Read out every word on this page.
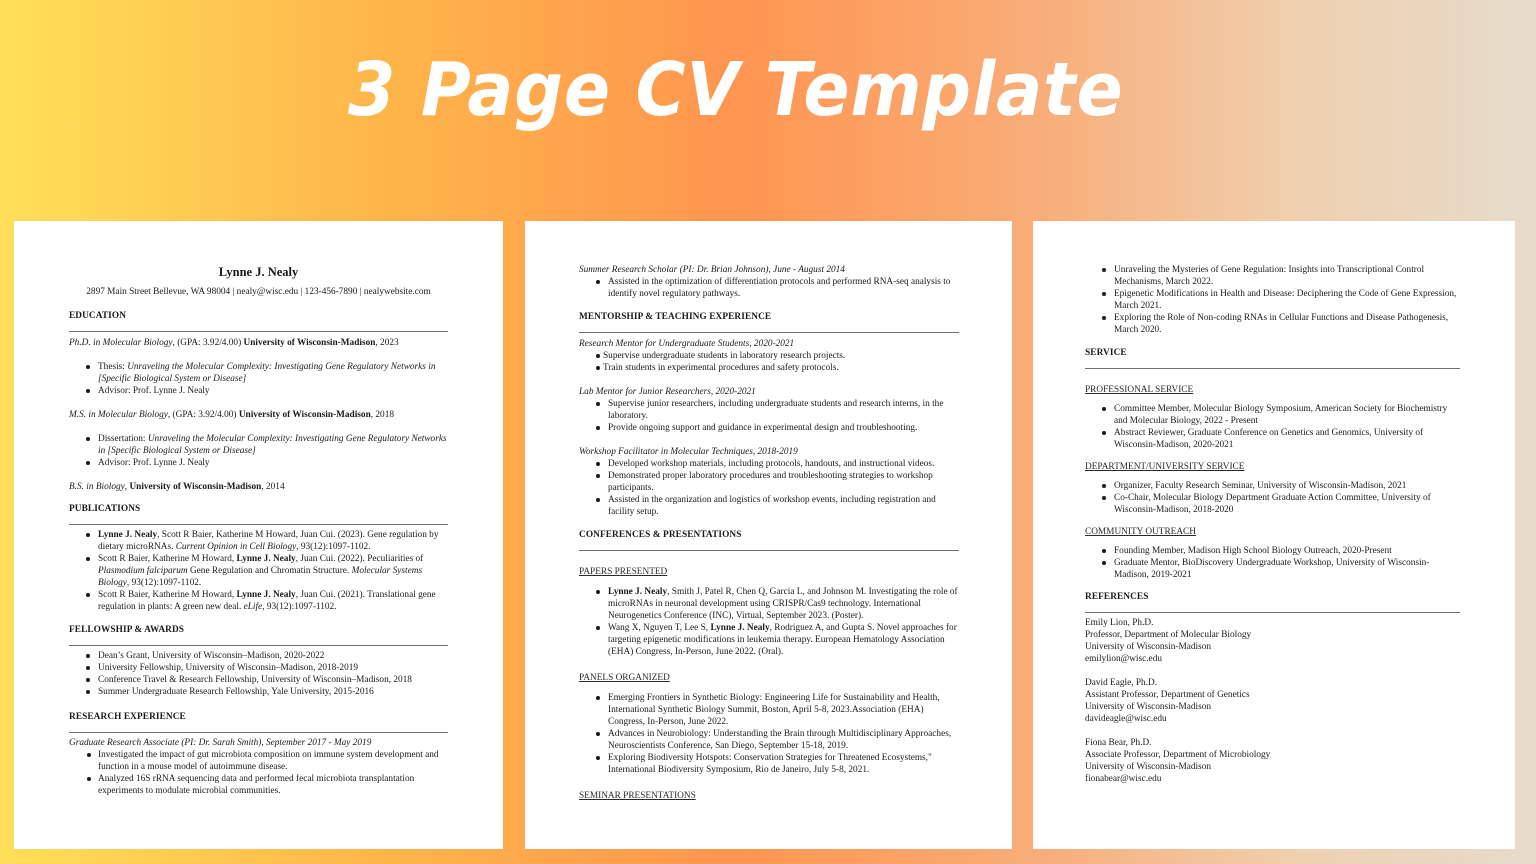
3 Page CV Template
Lynne J. Nealy
2897 Main Street Bellevue, WA 98004 | nealy@wisc.edu | 123-456-7890 | nealywebsite.com
EDUCATION
Ph.D. in Molecular Biology, (GPA: 3.92/4.00) University of Wisconsin-Madison, 2023
Thesis: Unraveling the Molecular Complexity: Investigating Gene Regulatory Networks in [Specific Biological System or Disease]
Advisor: Prof. Lynne J. Nealy
M.S. in Molecular Biology, (GPA: 3.92/4.00) University of Wisconsin-Madison, 2018
Dissertation: Unraveling the Molecular Complexity: Investigating Gene Regulatory Networks in [Specific Biological System or Disease]
Advisor: Prof. Lynne J. Nealy
B.S. in Biology, University of Wisconsin-Madison, 2014
PUBLICATIONS
Lynne J. Nealy, Scott R Baier, Katherine M Howard, Juan Cui. (2023). Gene regulation by dietary microRNAs. Current Opinion in Cell Biology, 93(12):1097-1102.
Scott R Baier, Katherine M Howard, Lynne J. Nealy, Juan Cui. (2022). Peculiarities of Plasmodium falciparum Gene Regulation and Chromatin Structure. Molecular Systems Biology, 93(12):1097-1102.
Scott R Baier, Katherine M Howard, Lynne J. Nealy, Juan Cui. (2021). Translational gene regulation in plants: A green new deal. eLife, 93(12):1097-1102.
FELLOWSHIP & AWARDS
Dean’s Grant, University of Wisconsin–Madison, 2020-2022
University Fellowship, University of Wisconsin–Madison, 2018-2019
Conference Travel & Research Fellowship, University of Wisconsin–Madison, 2018
Summer Undergraduate Research Fellowship, Yale University, 2015-2016
RESEARCH EXPERIENCE
Graduate Research Associate (PI: Dr. Sarah Smith), September 2017 - May 2019
Investigated the impact of gut microbiota composition on immune system development and function in a mouse model of autoimmune disease.
Analyzed 16S rRNA sequencing data and performed fecal microbiota transplantation experiments to modulate microbial communities.
Summer Research Scholar (PI: Dr. Brian Johnson), June - August 2014
Assisted in the optimization of differentiation protocols and performed RNA-seq analysis to identify novel regulatory pathways.
MENTORSHIP & TEACHING EXPERIENCE
Research Mentor for Undergraduate Students, 2020-2021
Supervise undergraduate students in laboratory research projects.
Train students in experimental procedures and safety protocols.
Lab Mentor for Junior Researchers, 2020-2021
Supervise junior researchers, including undergraduate students and research interns, in the laboratory.
Provide ongoing support and guidance in experimental design and troubleshooting.
Workshop Facilitator in Molecular Techniques, 2018-2019
Developed workshop materials, including protocols, handouts, and instructional videos.
Demonstrated proper laboratory procedures and troubleshooting strategies to workshop participants.
Assisted in the organization and logistics of workshop events, including registration and facility setup.
CONFERENCES & PRESENTATIONS
PAPERS PRESENTED
Lynne J. Nealy, Smith J, Patel R, Chen Q, Garcia L, and Johnson M. Investigating the role of microRNAs in neuronal development using CRISPR/Cas9 technology. International Neurogenetics Conference (INC), Virtual, September 2023. (Poster).
Wang X, Nguyen T, Lee S, Lynne J. Nealy, Rodriguez A, and Gupta S. Novel approaches for targeting epigenetic modifications in leukemia therapy. European Hematology Association (EHA) Congress, In-Person, June 2022. (Oral).
PANELS ORGANIZED
Emerging Frontiers in Synthetic Biology: Engineering Life for Sustainability and Health, International Synthetic Biology Summit, Boston, April 5-8, 2023.Association (EHA) Congress, In-Person, June 2022.
Advances in Neurobiology: Understanding the Brain through Multidisciplinary Approaches, Neuroscientists Conference, San Diego, September 15-18, 2019.
Exploring Biodiversity Hotspots: Conservation Strategies for Threatened Ecosystems," International Biodiversity Symposium, Rio de Janeiro, July 5-8, 2021.
SEMINAR PRESENTATIONS
Unraveling the Mysteries of Gene Regulation: Insights into Transcriptional Control Mechanisms, March 2022.
Epigenetic Modifications in Health and Disease: Deciphering the Code of Gene Expression, March 2021.
Exploring the Role of Non-coding RNAs in Cellular Functions and Disease Pathogenesis, March 2020.
SERVICE
PROFESSIONAL SERVICE
Committee Member, Molecular Biology Symposium, American Society for Biochemistry and Molecular Biology, 2022 - Present
Abstract Reviewer, Graduate Conference on Genetics and Genomics, University of Wisconsin-Madison, 2020-2021
DEPARTMENT/UNIVERSITY SERVICE
Organizer, Faculty Research Seminar, University of Wisconsin-Madison, 2021
Co-Chair, Molecular Biology Department Graduate Action Committee, University of Wisconsin-Madison, 2018-2020
COMMUNITY OUTREACH
Founding Member, Madison High School Biology Outreach, 2020-Present
Graduate Mentor, BioDiscovery Undergraduate Workshop, University of Wisconsin-Madison, 2019-2021
REFERENCES

Emily Lion, Ph.D.

Professor, Department of Molecular Biology

University of Wisconsin-Madison

emilylion@wisc.edu

David Eagle, Ph.D.

Assistant Professor, Department of Genetics

University of Wisconsin-Madison

davideagle@wisc.edu

Fiona Bear, Ph.D.

Associate Professor, Department of Microbiology

University of Wisconsin-Madison

fionabear@wisc.edu
